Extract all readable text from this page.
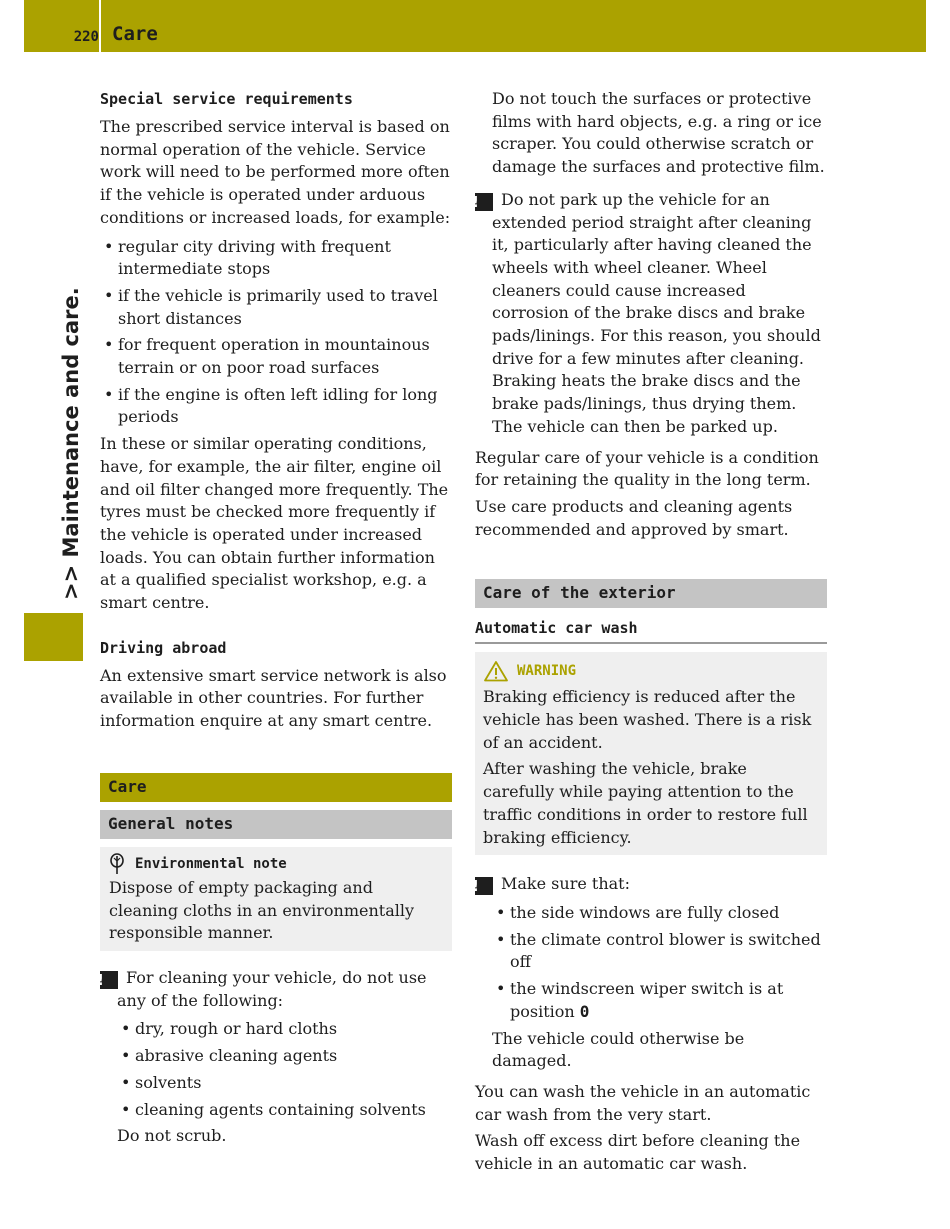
220 Care
>> Maintenance and care.
Special service requirements

The prescribed service interval is based on normal operation of the vehicle. Service work will need to be performed more often if the vehicle is operated under arduous conditions or increased loads, for example:

• regular city driving with frequent intermediate stops
• if the vehicle is primarily used to travel short distances
• for frequent operation in mountainous terrain or on poor road surfaces
• if the engine is often left idling for long periods

In these or similar operating conditions, have, for example, the air filter, engine oil and oil filter changed more frequently. The tyres must be checked more frequently if the vehicle is operated under increased loads. You can obtain further information at a qualified specialist workshop, e.g. a smart centre.

Driving abroad

An extensive smart service network is also available in other countries. For further information enquire at any smart centre.

Care
General notes
Environmental note

Dispose of empty packaging and cleaning cloths in an environmentally responsible manner.

! For cleaning your vehicle, do not use any of the following:

• dry, rough or hard cloths
• abrasive cleaning agents
• solvents
• cleaning agents containing solvents

Do not scrub.

Do not touch the surfaces or protective films with hard objects, e.g. a ring or ice scraper. You could otherwise scratch or damage the surfaces and protective film.

! Do not park up the vehicle for an extended period straight after cleaning it, particularly after having cleaned the wheels with wheel cleaner. Wheel cleaners could cause increased corrosion of the brake discs and brake pads/linings. For this reason, you should drive for a few minutes after cleaning. Braking heats the brake discs and the brake pads/linings, thus drying them. The vehicle can then be parked up.

Regular care of your vehicle is a condition for retaining the quality in the long term.

Use care products and cleaning agents recommended and approved by smart.

Care of the exterior
Automatic car wash
WARNING

Braking efficiency is reduced after the vehicle has been washed. There is a risk of an accident.

After washing the vehicle, brake carefully while paying attention to the traffic conditions in order to restore full braking efficiency.

! Make sure that:

• the side windows are fully closed
• the climate control blower is switched off
• the windscreen wiper switch is at position 0

The vehicle could otherwise be damaged.

You can wash the vehicle in an automatic car wash from the very start.

Wash off excess dirt before cleaning the vehicle in an automatic car wash.
